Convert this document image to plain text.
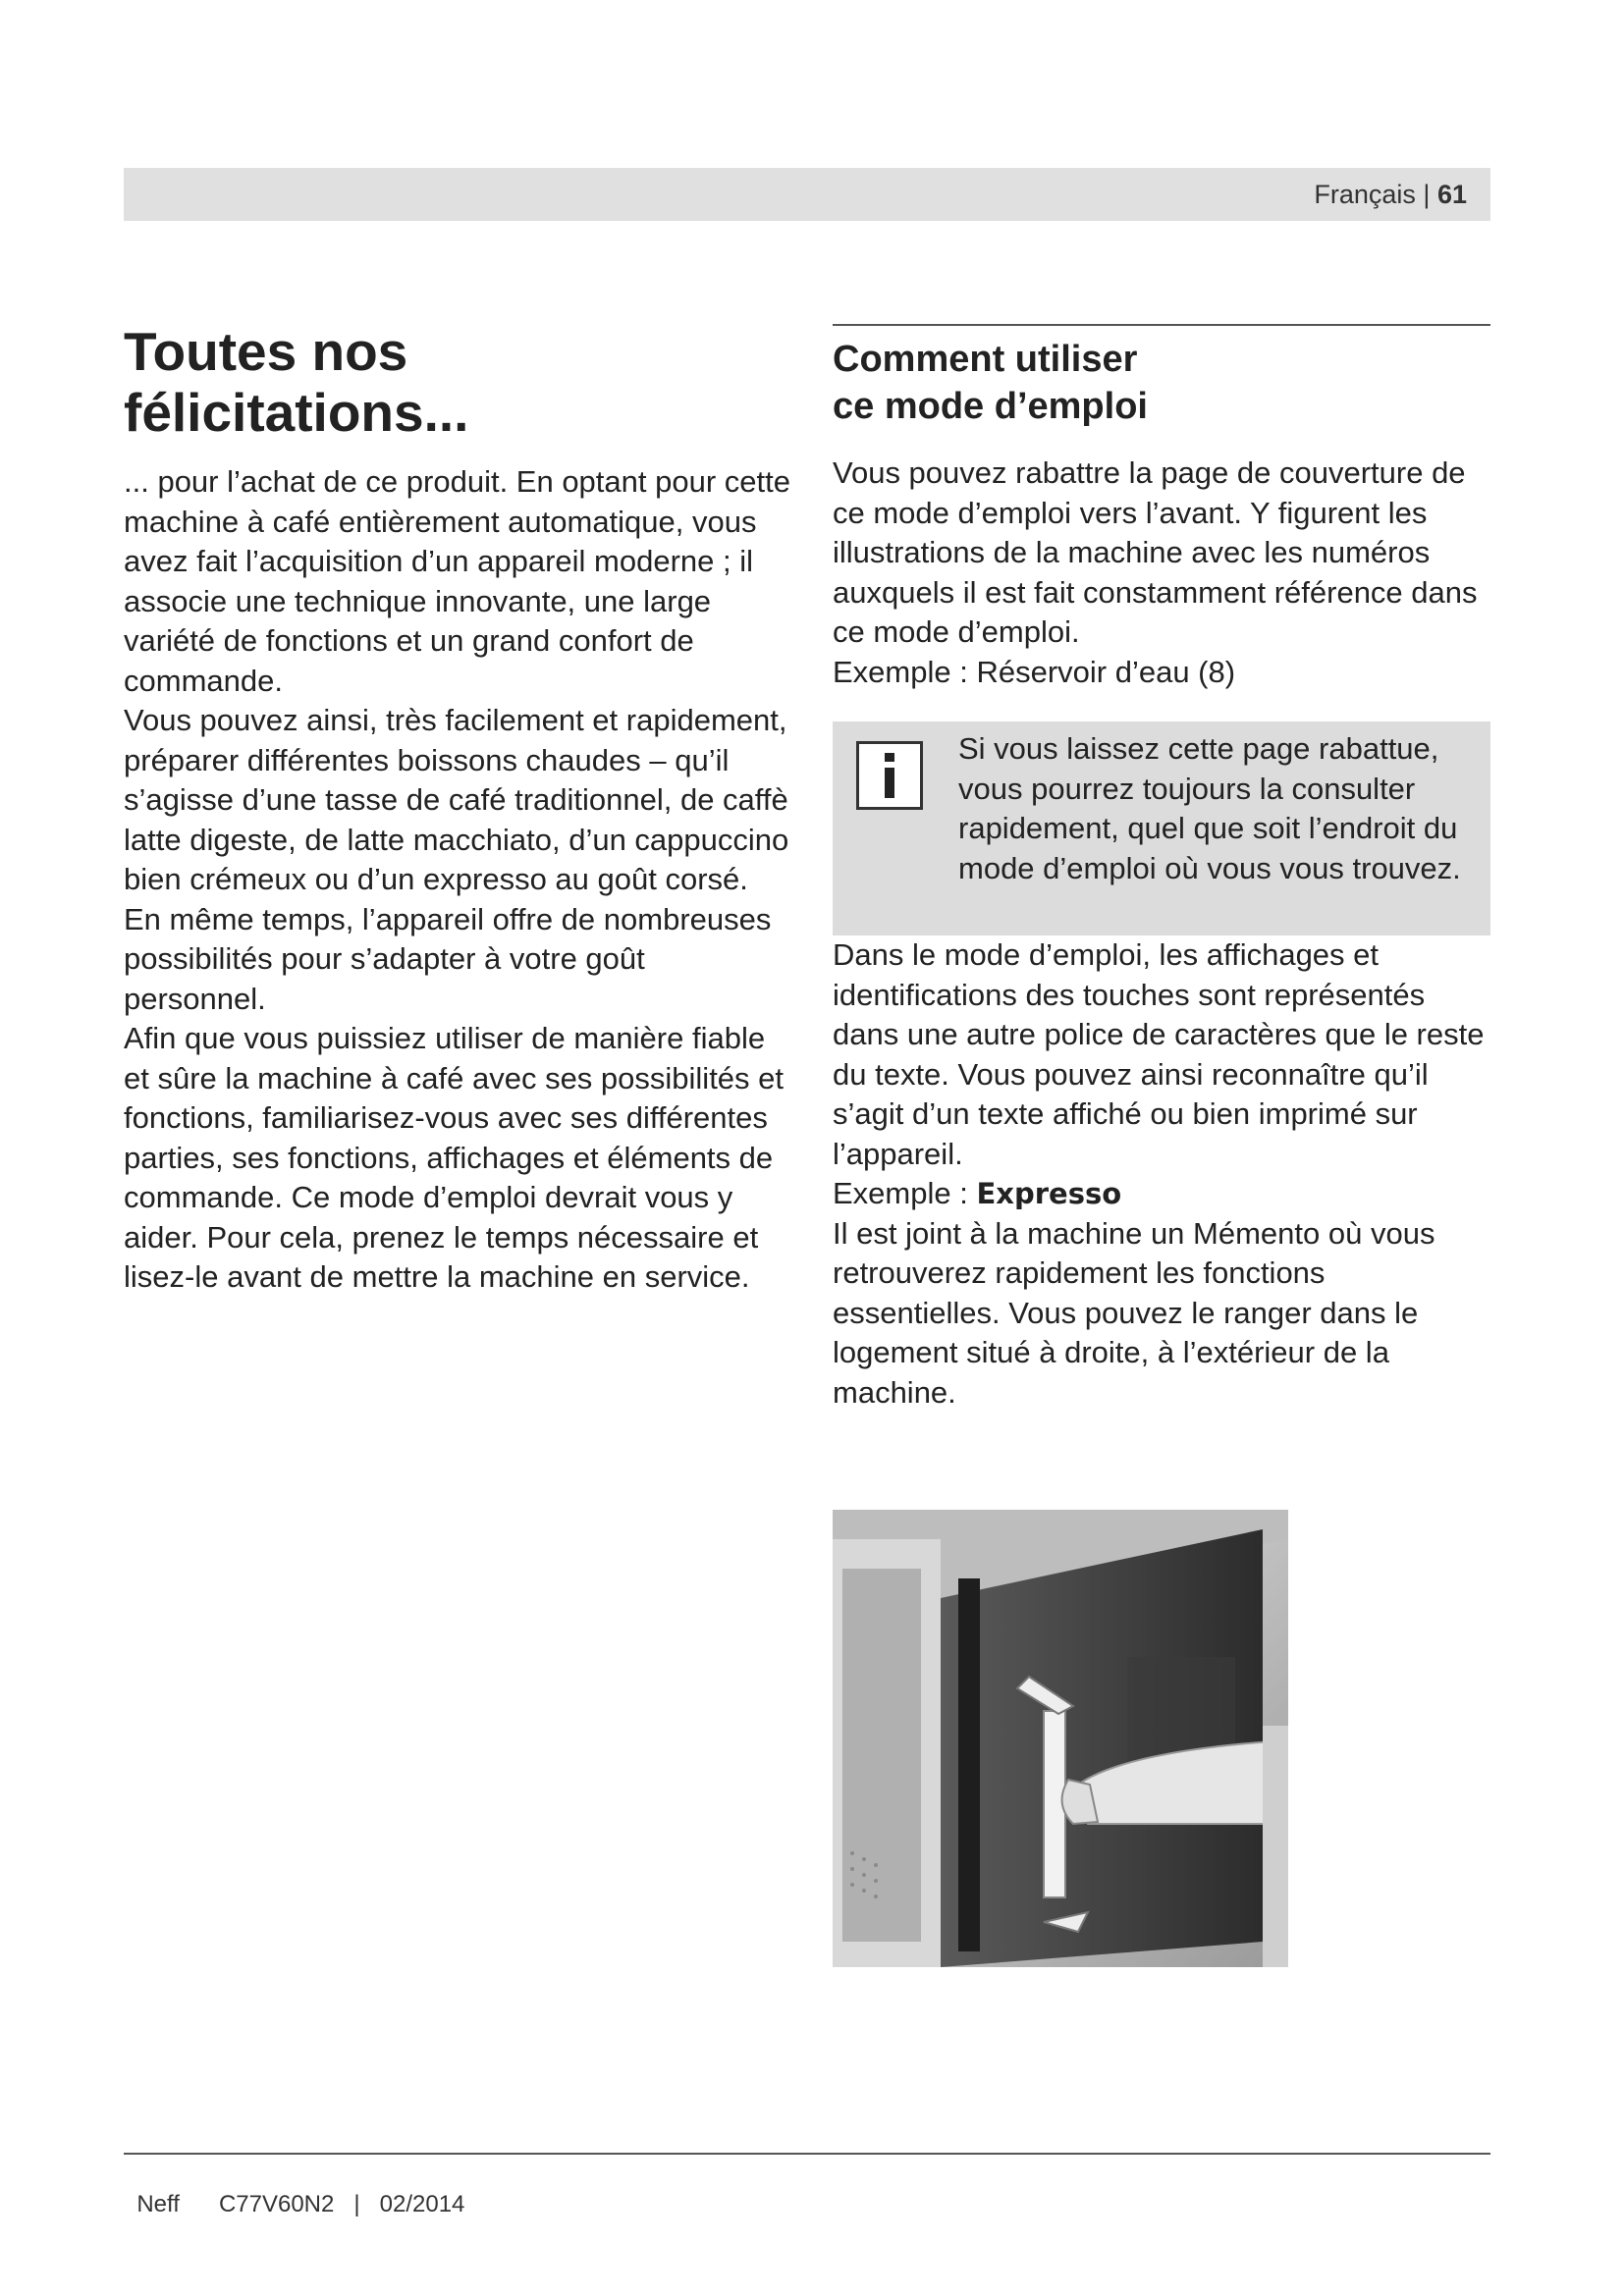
Français | 61
Toutes nos
félicitations...

... pour l’achat de ce produit. En optant pour cette machine à café entièrement automatique, vous avez fait l’acquisition d’un appareil moderne ; il associe une technique innovante, une large variété de fonctions et un grand confort de commande.

Vous pouvez ainsi, très facilement et rapidement, préparer différentes boissons chaudes – qu’il s’agisse d’une tasse de café traditionnel, de caffè latte digeste, de latte macchiato, d’un cappuccino bien crémeux ou d’un expresso au goût corsé. En même temps, l’appareil offre de nombreuses possibilités pour s’adapter à votre goût personnel.

Afin que vous puissiez utiliser de manière fiable et sûre la machine à café avec ses possibilités et fonctions, familiarisez-vous avec ses différentes parties, ses fonctions, affichages et éléments de commande. Ce mode d’emploi devrait vous y aider. Pour cela, prenez le temps nécessaire et lisez-le avant de mettre la machine en service.

Comment utiliser
ce mode d’emploi

Vous pouvez rabattre la page de couverture de ce mode d’emploi vers l’avant. Y figurent les illustrations de la machine avec les numéros auxquels il est fait constamment référence dans ce mode d’emploi.

Exemple : Réservoir d’eau (8)

Si vous laissez cette page rabattue, vous pourrez toujours la consulter rapidement, quel que soit l’endroit du mode d’emploi où vous vous trouvez.

Dans le mode d’emploi, les affichages et identifications des touches sont représentés dans une autre police de caractères que le reste du texte. Vous pouvez ainsi reconnaître qu’il s’agit d’un texte affiché ou bien imprimé sur l’appareil.

Exemple : Expresso

Il est joint à la machine un Mémento où vous retrouverez rapidement les fonctions essentielles. Vous pouvez le ranger dans le logement situé à droite, à l’extérieur de la machine.

Neff C77V60N2 | 02/2014
